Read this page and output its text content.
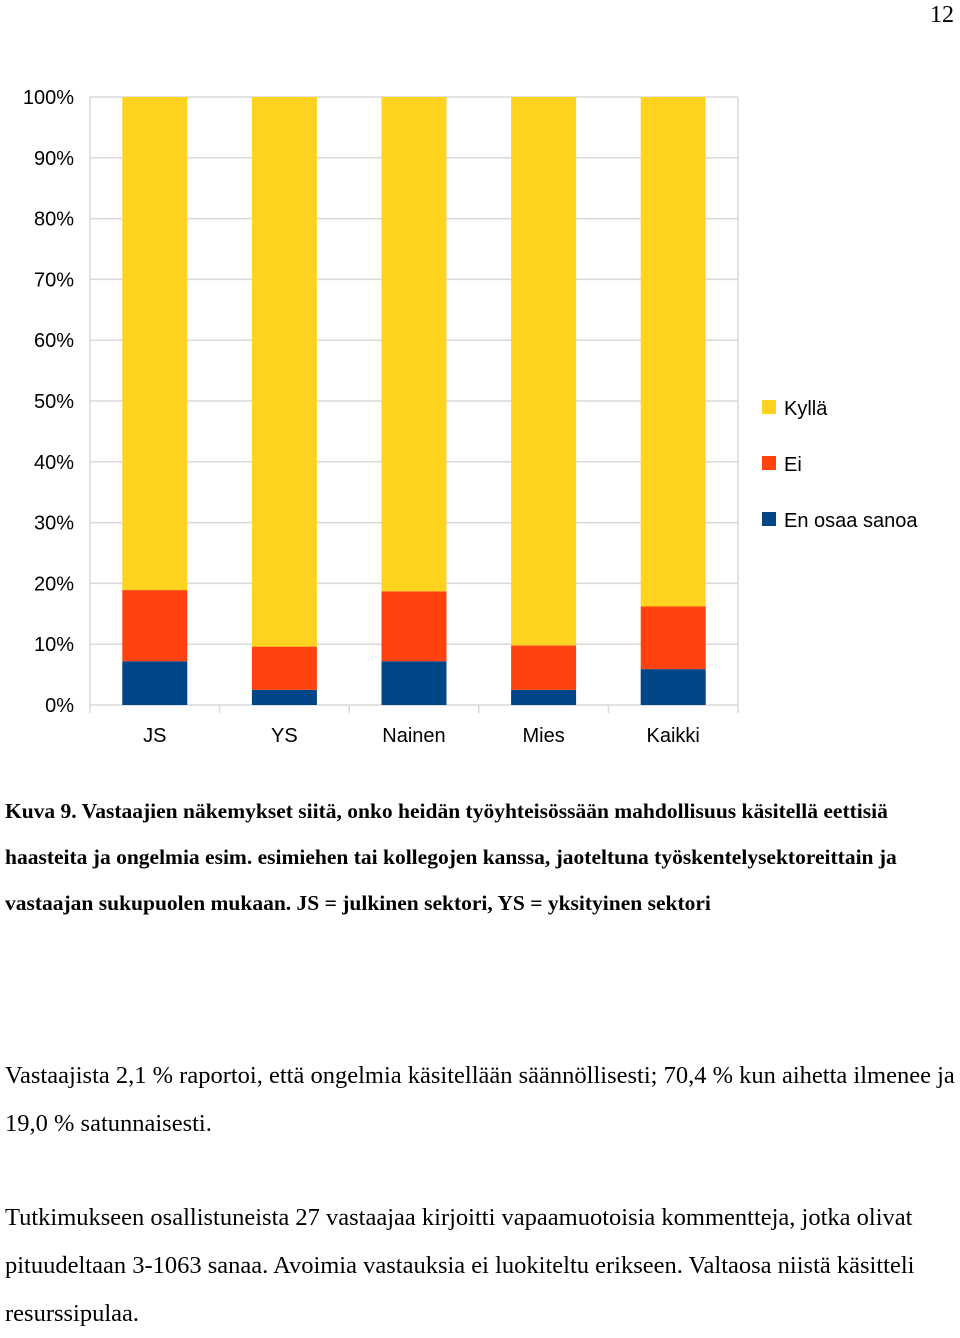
12
0%
10%
20%
30%
40%
50%
60%
70%
80%
90%
100%
JS	YS	Nainen	Mies	Kaikki
Kyllä
Ei
En osaa sanoa

Kuva 9. Vastaajien näkemykset siitä, onko heidän työyhteisössään mahdollisuus käsitellä eettisiä haasteita ja ongelmia esim. esimiehen tai kollegojen kanssa, jaoteltuna työskentelysektoreittain ja vastaajan sukupuolen mukaan. JS = julkinen sektori, YS = yksityinen sektori

Vastaajista 2,1 % raportoi, että ongelmia käsitellään säännöllisesti; 70,4 % kun aihetta ilmenee ja 19,0 % satunnaisesti.

Tutkimukseen osallistuneista 27 vastaajaa kirjoitti vapaamuotoisia kommentteja, jotka olivat pituudeltaan 3-1063 sanaa. Avoimia vastauksia ei luokiteltu erikseen. Valtaosa niistä käsitteli resurssipulaa.
